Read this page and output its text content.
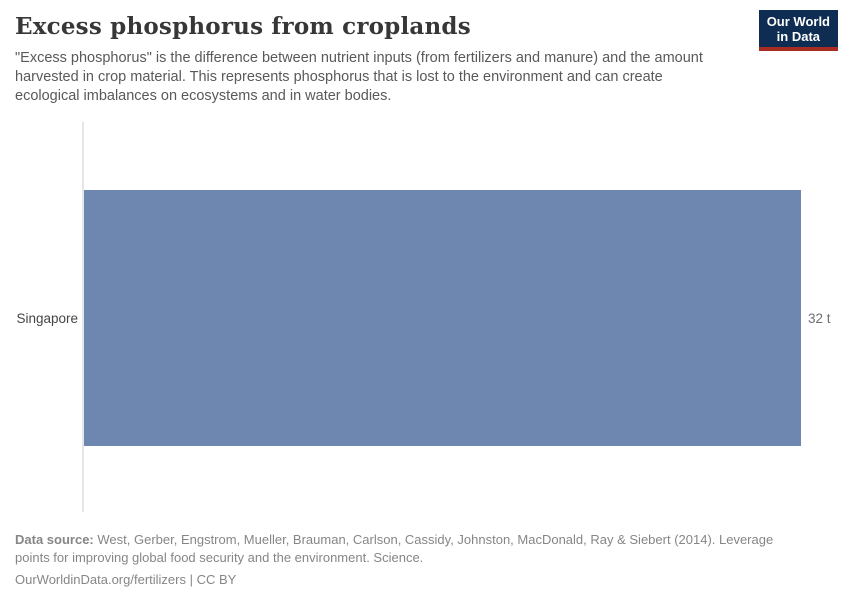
Excess phosphorus from croplands

"Excess phosphorus" is the difference between nutrient inputs (from fertilizers and manure) and the amount harvested in crop material. This represents phosphorus that is lost to the environment and can create ecological imbalances on ecosystems and in water bodies.

Our World
in Data
Singapore	32 t

Data source: West, Gerber, Engstrom, Mueller, Brauman, Carlson, Cassidy, Johnston, MacDonald, Ray & Siebert (2014). Leverage points for improving global food security and the environment. Science.

OurWorldinData.org/fertilizers | CC BY
